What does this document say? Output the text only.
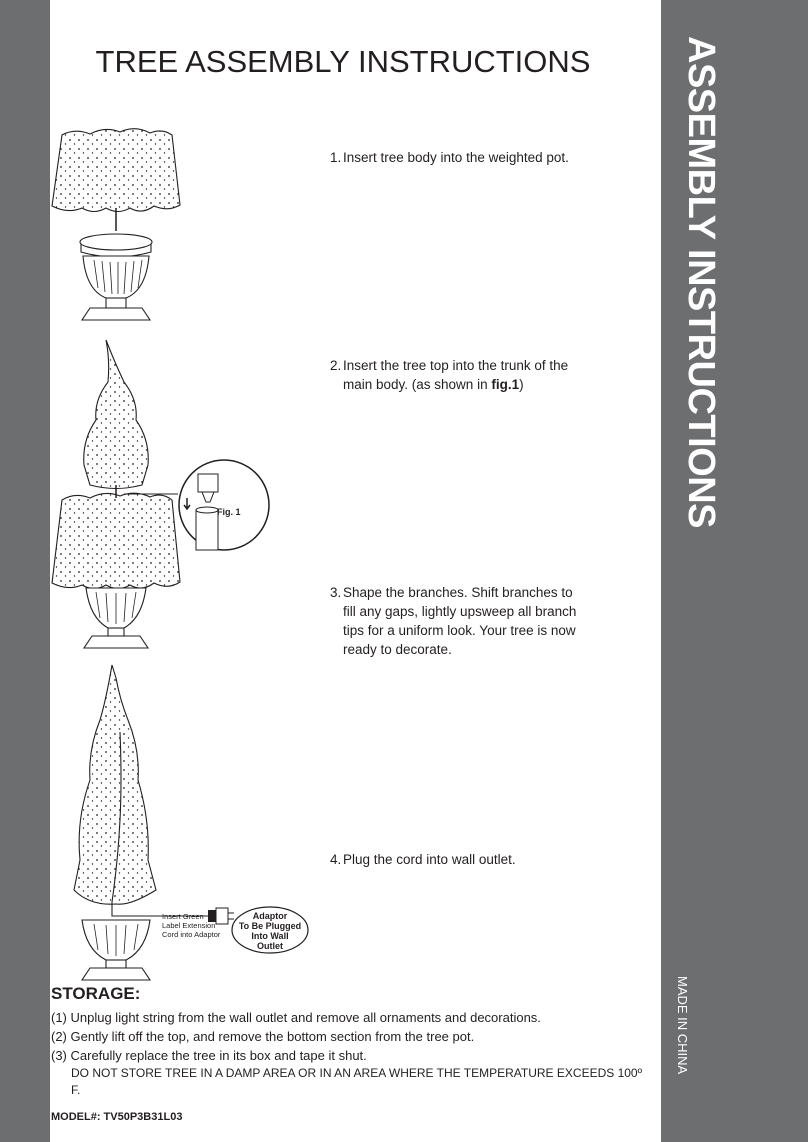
ASSEMBLY INSTRUCTIONS
MADE IN CHINA
TREE ASSEMBLY INSTRUCTIONS
1. Insert tree body into the weighted pot.
2. Insert the tree top into the trunk of the main body. (as shown in fig.1)
3. Shape the branches. Shift branches to fill any gaps, lightly upsweep all branch tips for a uniform look. Your tree is now ready to decorate.
4. Plug the cord into wall outlet.
Fig. 1
Insert Green
Label Extension
Cord into Adaptor
Adaptor
To Be Plugged
Into Wall
Outlet
STORAGE:
(1) Unplug light string from the wall outlet and remove all ornaments and decorations.
(2) Gently lift off the top, and remove the bottom section from the tree pot.
(3) Carefully replace the tree in its box and tape it shut.
DO NOT STORE TREE IN A DAMP AREA OR IN AN AREA WHERE THE TEMPERATURE EXCEEDS 100º F.
MODEL#: TV50P3B31L03
